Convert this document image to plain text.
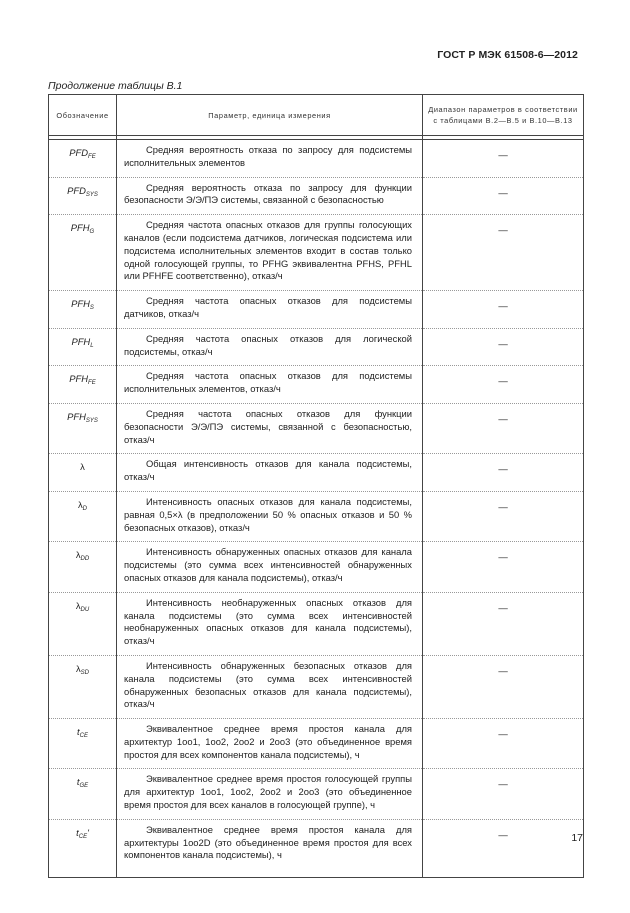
ГОСТ Р МЭК 61508-6—2012
Продолжение таблицы В.1
Обозначение	Параметр, единица измерения	Диапазон параметров в соответствии с таблицами В.2—В.5 и В.10—В.13

$PFD_{FE}$	Средняя вероятность отказа по запросу для подсистемы исполнительных элементов	—
$PFD_{SYS}$	Средняя вероятность отказа по запросу для функции безопасности Э/Э/ПЭ системы, связанной с безопасностью	—
$PFH_G$	Средняя частота опасных отказов для группы голосующих каналов (если подсистема датчиков, логическая подсистема или подсистема исполнительных элементов входит в состав только одной голосующей группы, то PFHG эквивалентна PFHS, PFHL или PFHFE соответственно), отказ/ч	—
$PFH_S$	Средняя частота опасных отказов для подсистемы датчиков, отказ/ч	—
$PFH_L$	Средняя частота опасных отказов для логической подсистемы, отказ/ч	—
$PFH_{FE}$	Средняя частота опасных отказов для подсистемы исполнительных элементов, отказ/ч	—
$PFH_{SYS}$	Средняя частота опасных отказов для функции безопасности Э/Э/ПЭ системы, связанной с безопасностью, отказ/ч	—
λ	Общая интенсивность отказов для канала подсистемы, отказ/ч	—
$\lambda_D$	Интенсивность опасных отказов для канала подсистемы, равная 0,5×λ (в предположении 50 % опасных отказов и 50 % безопасных отказов), отказ/ч	—
$\lambda_{DD}$	Интенсивность обнаруженных опасных отказов для канала подсистемы (это сумма всех интенсивностей обнаруженных опасных отказов для канала подсистемы), отказ/ч	—
$\lambda_{DU}$	Интенсивность необнаруженных опасных отказов для канала подсистемы (это сумма всех интенсивностей необнаруженных опасных отказов для канала подсистемы), отказ/ч	—
$\lambda_{SD}$	Интенсивность обнаруженных безопасных отказов для канала подсистемы (это сумма всех интенсивностей обнаруженных безопасных отказов для канала подсистемы), отказ/ч	—
$t_{CE}$	Эквивалентное среднее время простоя канала для архитектур 1oo1, 1oo2, 2oo2 и 2oo3 (это объединенное время простоя для всех компонентов канала подсистемы), ч	—
$t_{GE}$	Эквивалентное среднее время простоя голосующей группы для архитектур 1oo1, 1oo2, 2oo2 и 2oo3 (это объединенное время простоя для всех каналов в голосующей группе), ч	—
$t_{CE}'$	Эквивалентное среднее время простоя канала для архитектуры 1oo2D (это объединенное время простоя для всех компонентов канала подсистемы), ч	—	17
